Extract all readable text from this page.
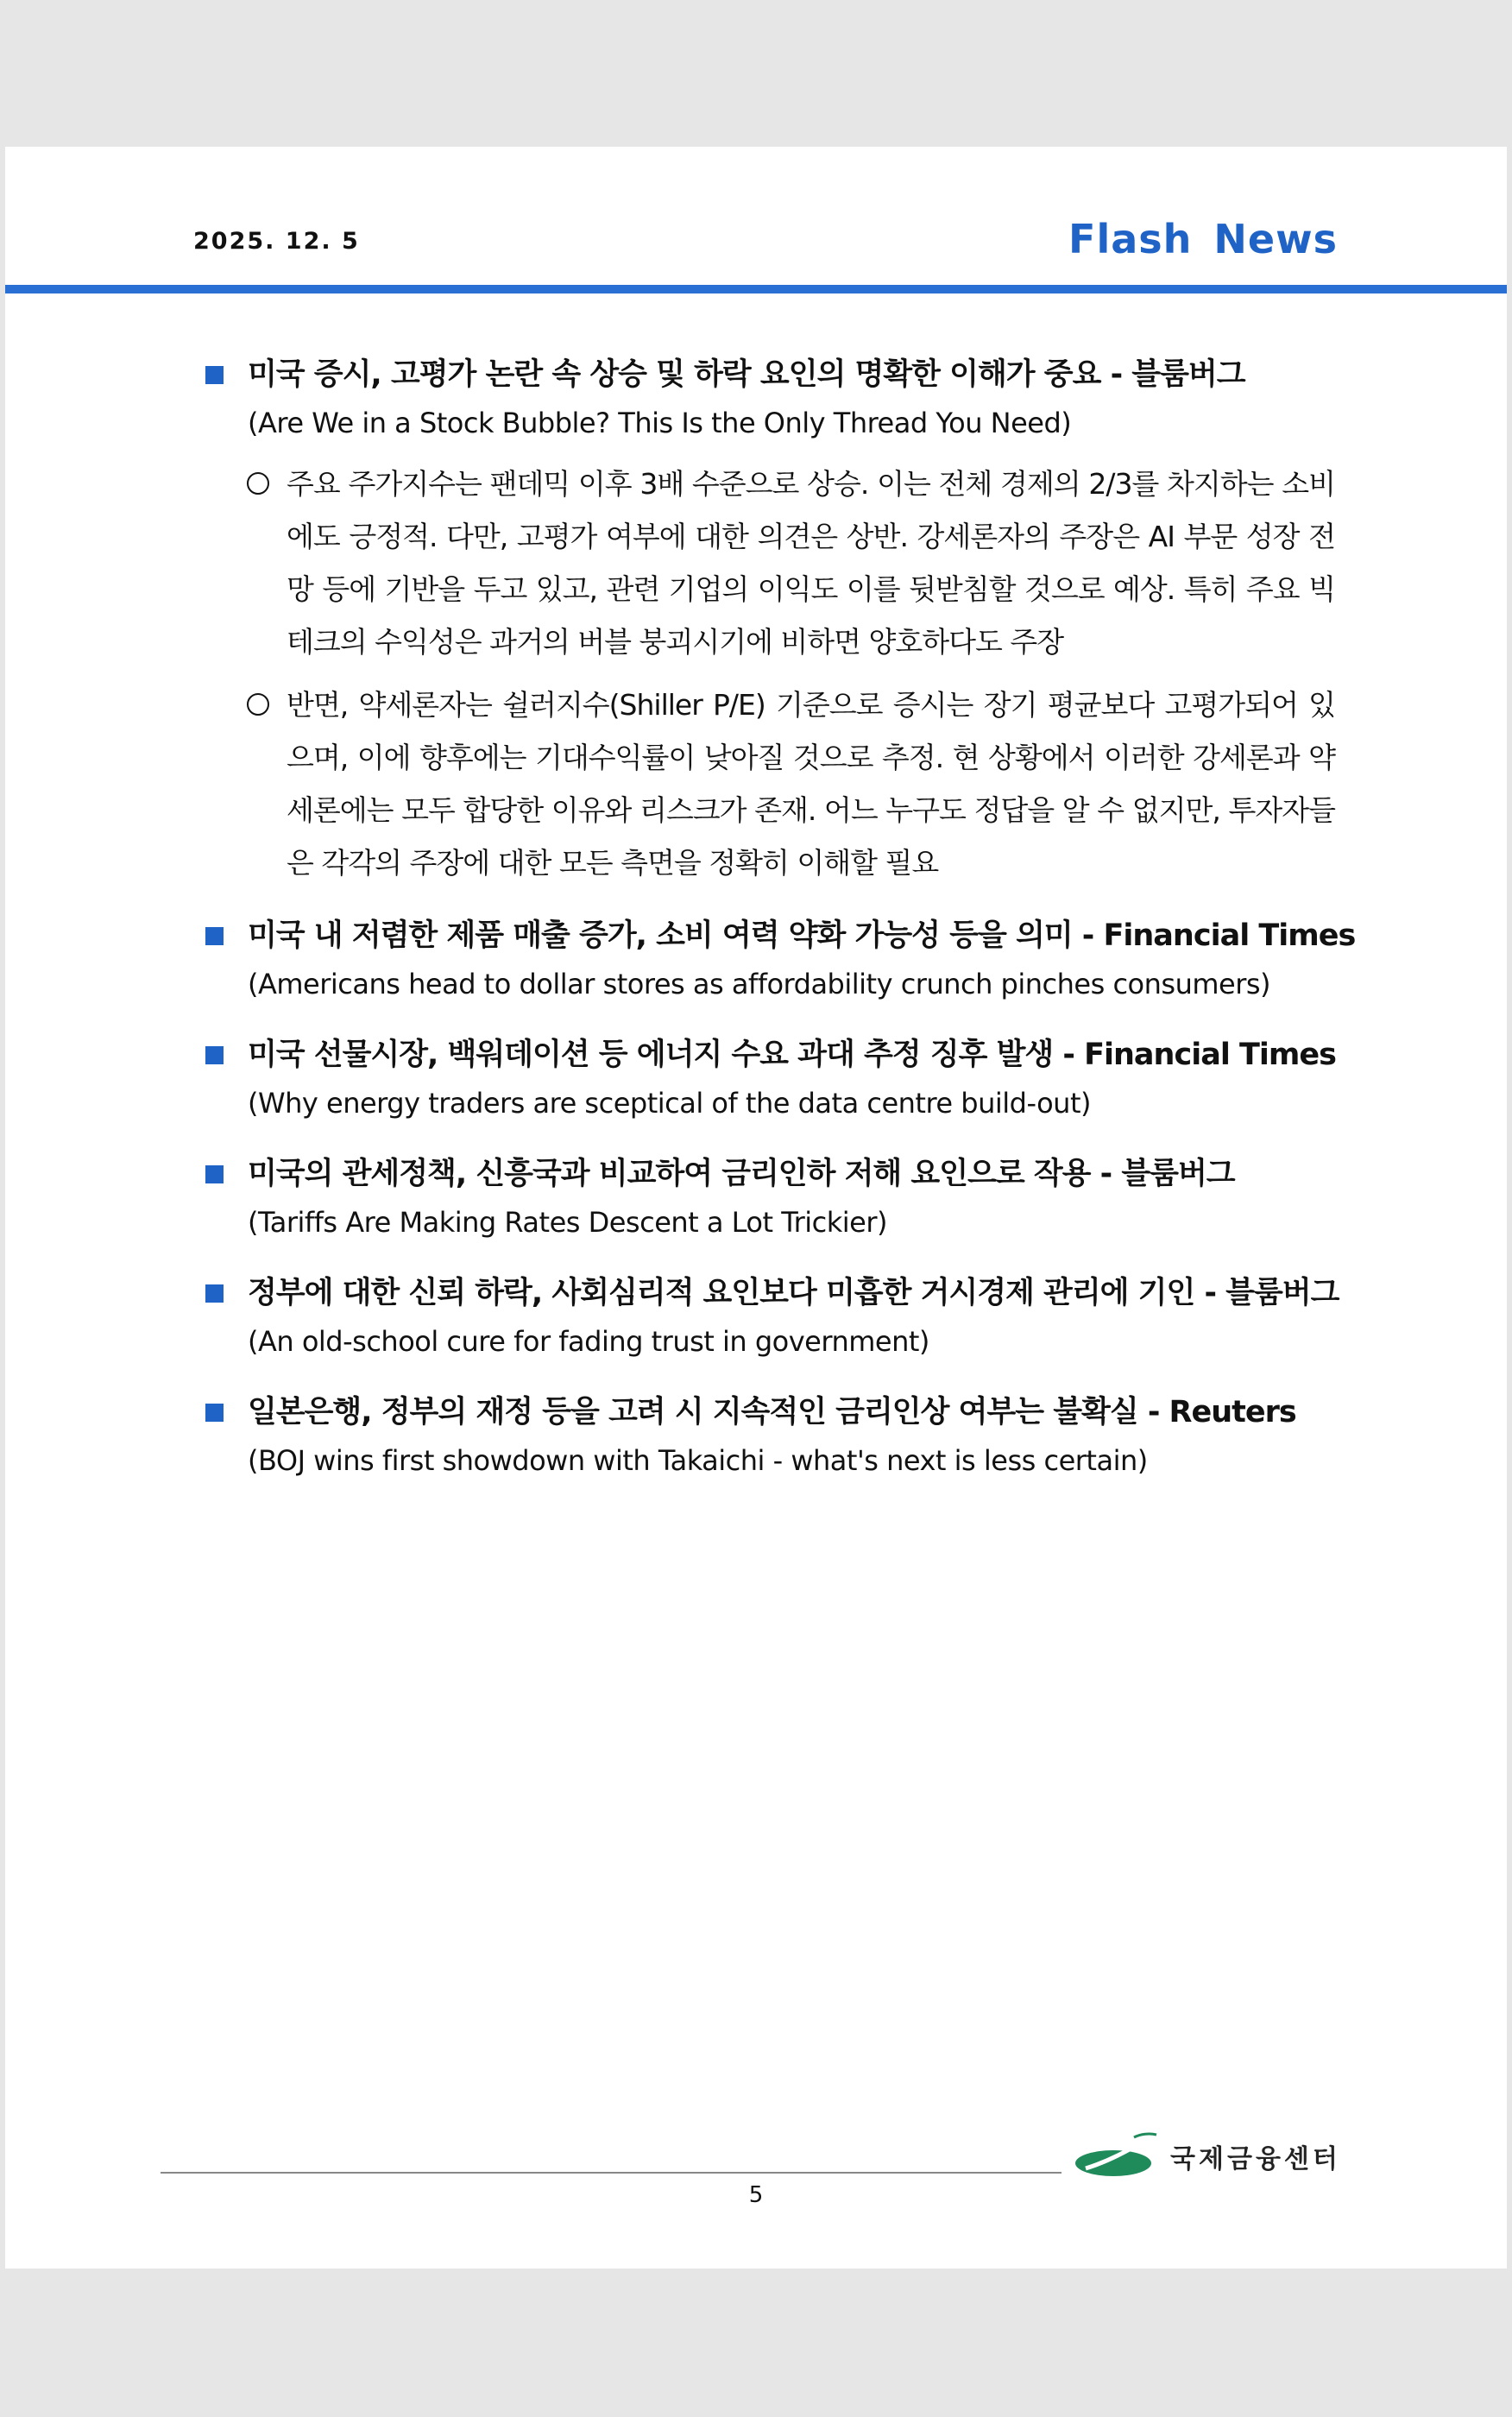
2025. 12. 5	Flash News
미국 증시, 고평가 논란 속 상승 및 하락 요인의 명확한 이해가 중요 - 블룸버그
(Are We in a Stock Bubble? This Is the Only Thread You Need)
주요 주가지수는 팬데믹 이후 3배 수준으로 상승. 이는 전체 경제의 2/3를 차지하는 소비에도 긍정적. 다만, 고평가 여부에 대한 의견은 상반. 강세론자의 주장은 AI 부문 성장 전망 등에 기반을 두고 있고, 관련 기업의 이익도 이를 뒷받침할 것으로 예상. 특히 주요 빅테크의 수익성은 과거의 버블 붕괴시기에 비하면 양호하다도 주장
반면, 약세론자는 쉴러지수(Shiller P/E) 기준으로 증시는 장기 평균보다 고평가되어 있으며, 이에 향후에는 기대수익률이 낮아질 것으로 추정. 현 상황에서 이러한 강세론과 약세론에는 모두 합당한 이유와 리스크가 존재. 어느 누구도 정답을 알 수 없지만, 투자자들은 각각의 주장에 대한 모든 측면을 정확히 이해할 필요
미국 내 저렴한 제품 매출 증가, 소비 여력 약화 가능성 등을 의미 - Financial Times
(Americans head to dollar stores as affordability crunch pinches consumers)
미국 선물시장, 백워데이션 등 에너지 수요 과대 추정 징후 발생 - Financial Times
(Why energy traders are sceptical of the data centre build-out)
미국의 관세정책, 신흥국과 비교하여 금리인하 저해 요인으로 작용 - 블룸버그
(Tariffs Are Making Rates Descent a Lot Trickier)
정부에 대한 신뢰 하락, 사회심리적 요인보다 미흡한 거시경제 관리에 기인 - 블룸버그
(An old-school cure for fading trust in government)
일본은행, 정부의 재정 등을 고려 시 지속적인 금리인상 여부는 불확실 - Reuters
(BOJ wins first showdown with Takaichi - what's next is less certain)
국제금융센터
5
